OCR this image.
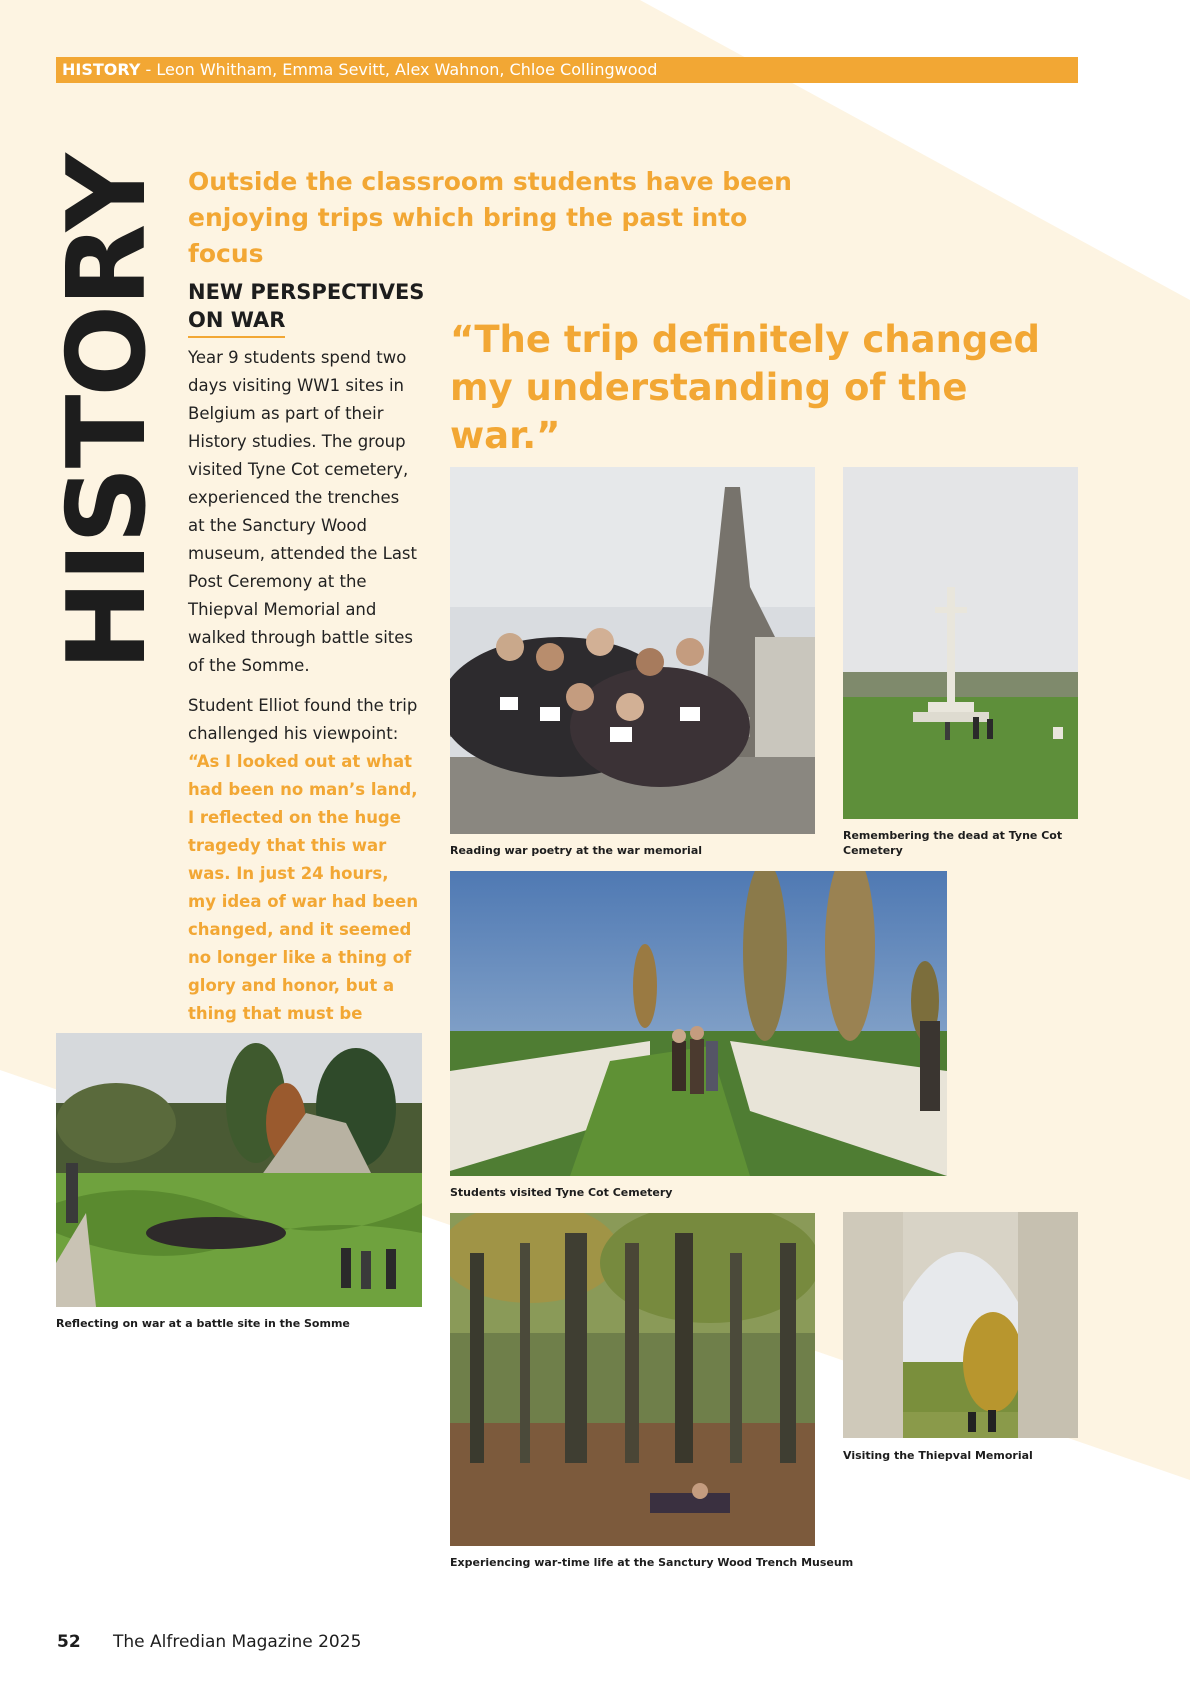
HISTORY - Leon Whitham, Emma Sevitt, Alex Wahnon, Chloe Collingwood
HISTORY Outside the classroom students have been enjoying trips which bring the past into focus
NEW PERSPECTIVES
ON WAR

Year 9 students spend two days visiting WW1 sites in Belgium as part of their History studies. The group visited Tyne Cot cemetery, experienced the trenches at the Sanctury Wood museum, attended the Last Post Ceremony at the Thiepval Memorial and walked through battle sites of the Somme.

Student Elliot found the trip challenged his viewpoint: “As I looked out at what had been no man’s land, I reflected on the huge tragedy that this war was. In just 24 hours, my idea of war had been changed, and it seemed no longer like a thing of glory and honor, but a thing that must be

“The trip definitely changed my understanding of the war.”
Reading war poetry at the war memorial
Remembering the dead at Tyne Cot Cemetery
Students visited Tyne Cot Cemetery
Reflecting on war at a battle site in the Somme
Experiencing war-time life at the Sanctury Wood Trench Museum
Visiting the Thiepval Memorial
52 The Alfredian Magazine 2025
